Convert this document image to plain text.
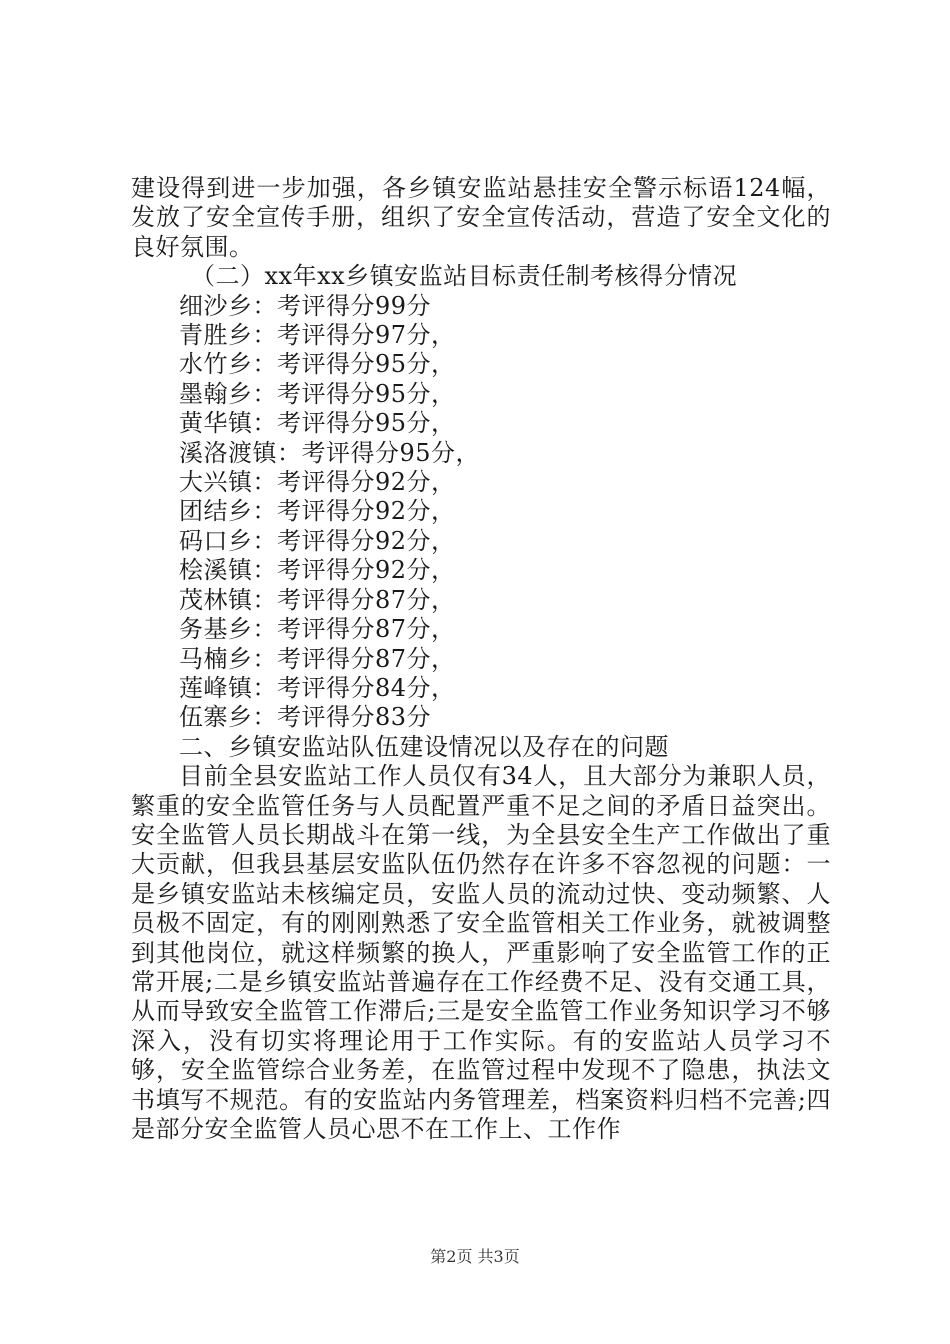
建设得到进一步加强，各乡镇安监站悬挂安全警示标语124幅，发放了安全宣传手册，组织了安全宣传活动，营造了安全文化的良好氛围。

（二）xx年xx乡镇安监站目标责任制考核得分情况

细沙乡：考评得分99分
青胜乡：考评得分97分，
水竹乡：考评得分95分，
墨翰乡：考评得分95分，
黄华镇：考评得分95分，
溪洛渡镇：考评得分95分，
大兴镇：考评得分92分，
团结乡：考评得分92分，
码口乡：考评得分92分，
桧溪镇：考评得分92分，
茂林镇：考评得分87分，
务基乡：考评得分87分，
马楠乡：考评得分87分，
莲峰镇：考评得分84分，
伍寨乡：考评得分83分

二、乡镇安监站队伍建设情况以及存在的问题

目前全县安监站工作人员仅有34人，且大部分为兼职人员，繁重的安全监管任务与人员配置严重不足之间的矛盾日益突出。安全监管人员长期战斗在第一线，为全县安全生产工作做出了重大贡献，但我县基层安监队伍仍然存在许多不容忽视的问题：一是乡镇安监站未核编定员，安监人员的流动过快、变动频繁、人员极不固定，有的刚刚熟悉了安全监管相关工作业务，就被调整到其他岗位，就这样频繁的换人，严重影响了安全监管工作的正常开展;二是乡镇安监站普遍存在工作经费不足、没有交通工具，从而导致安全监管工作滞后;三是安全监管工作业务知识学习不够深入，没有切实将理论用于工作实际。有的安监站人员学习不够，安全监管综合业务差，在监管过程中发现不了隐患，执法文书填写不规范。有的安监站内务管理差，档案资料归档不完善;四是部分安全监管人员心思不在工作上、工作作

第2页 共3页
